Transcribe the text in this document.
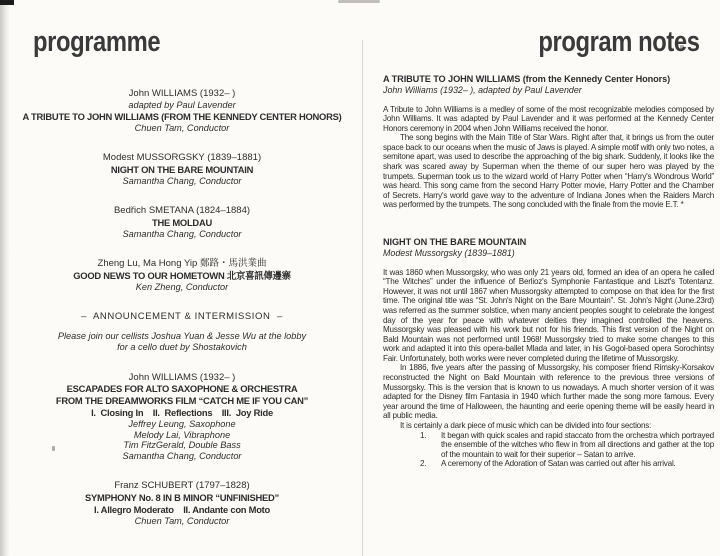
programme	program notes
John WILLIAMS (1932– )
adapted by Paul Lavender
A TRIBUTE TO JOHN WILLIAMS (FROM THE KENNEDY CENTER HONORS)
Chuen Tam, Conductor
Modest MUSSORGSKY (1839–1881)
NIGHT ON THE BARE MOUNTAIN
Samantha Chang, Conductor
Bedřich SMETANA (1824–1884)
THE MOLDAU
Samantha Chang, Conductor
Zheng Lu, Ma Hong Yip 鄭路・馬洪業曲
GOOD NEWS TO OUR HOMETOWN 北京喜訊傳邊寨
Ken Zheng, Conductor
–  ANNOUNCEMENT & INTERMISSION  –
Please join our cellists Joshua Yuan & Jesse Wu at the lobby
for a cello duet by Shostakovich
John WILLIAMS (1932– )
ESCAPADES FOR ALTO SAXOPHONE & ORCHESTRA
FROM THE DREAMWORKS FILM “CATCH ME IF YOU CAN”
I.  Closing In    II.  Reflections    III.  Joy Ride
Jeffrey Leung, Saxophone
Melody Lai, Vibraphone
Tim FitzGerald, Double Bass
Samantha Chang, Conductor
Franz SCHUBERT (1797–1828)
SYMPHONY No. 8 IN B MINOR “UNFINISHED”
I. Allegro Moderato    II. Andante con Moto
Chuen Tam, Conductor
A TRIBUTE TO JOHN WILLIAMS (from the Kennedy Center Honors)
John Williams (1932– ), adapted by Paul Lavender

A Tribute to John Williams is a medley of some of the most recognizable melodies composed by John Williams. It was adapted by Paul Lavender and it was performed at the Kennedy Center Honors ceremony in 2004 when John Williams received the honor.

The song begins with the Main Title of Star Wars. Right after that, it brings us from the outer space back to our oceans when the music of Jaws is played. A simple motif with only two notes, a semitone apart, was used to describe the approaching of the big shark. Suddenly, it looks like the shark was scared away by Superman when the theme of our super hero was played by the trumpets. Superman took us to the wizard world of Harry Potter when “Harry's Wondrous World” was heard. This song came from the second Harry Potter movie, Harry Potter and the Chamber of Secrets. Harry's world gave way to the adventure of Indiana Jones when the Raiders March was performed by the trumpets. The song concluded with the finale from the movie E.T. *

NIGHT ON THE BARE MOUNTAIN
Modest Mussorgsky (1839–1881)

It was 1860 when Mussorgsky, who was only 21 years old, formed an idea of an opera he called “The Witches” under the influence of Berlioz's Symphonie Fantastique and Liszt's Totentanz. However, it was not until 1867 when Mussorgsky attempted to compose on that idea for the first time. The original title was “St. John's Night on the Bare Mountain”. St. John's Night (June.23rd) was referred as the summer solstice, when many ancient peoples sought to celebrate the longest day of the year for peace with whatever deities they imagined controlled the heavens. Mussorgsky was pleased with his work but not for his friends. This first version of the Night on Bald Mountain was not performed until 1968! Mussorgsky tried to make some changes to this work and adapted it into this opera-ballet Mlada and later, in his Gogol-based opera Sorochintsy Fair. Unfortunately, both works were never completed during the lifetime of Mussorgsky.

In 1886, five years after the passing of Mussorgsky, his composer friend Rimsky-Korsakov reconstructed the Night on Bald Mountain with reference to the previous three versions of Mussorgsky. This is the version that is known to us nowadays. A much shorter version of it was adapted for the Disney film Fantasia in 1940 which further made the song more famous. Every year around the time of Halloween, the haunting and eerie opening theme will be easily heard in all public media.

It is certainly a dark piece of music which can be divided into four sections:

1. It began with quick scales and rapid staccato from the orchestra which portrayed the ensemble of the witches who flew in from all directions and gather at the top of the mountain to wait for their superior – Satan to arrive.
2. A ceremony of the Adoration of Satan was carried out after his arrival.
